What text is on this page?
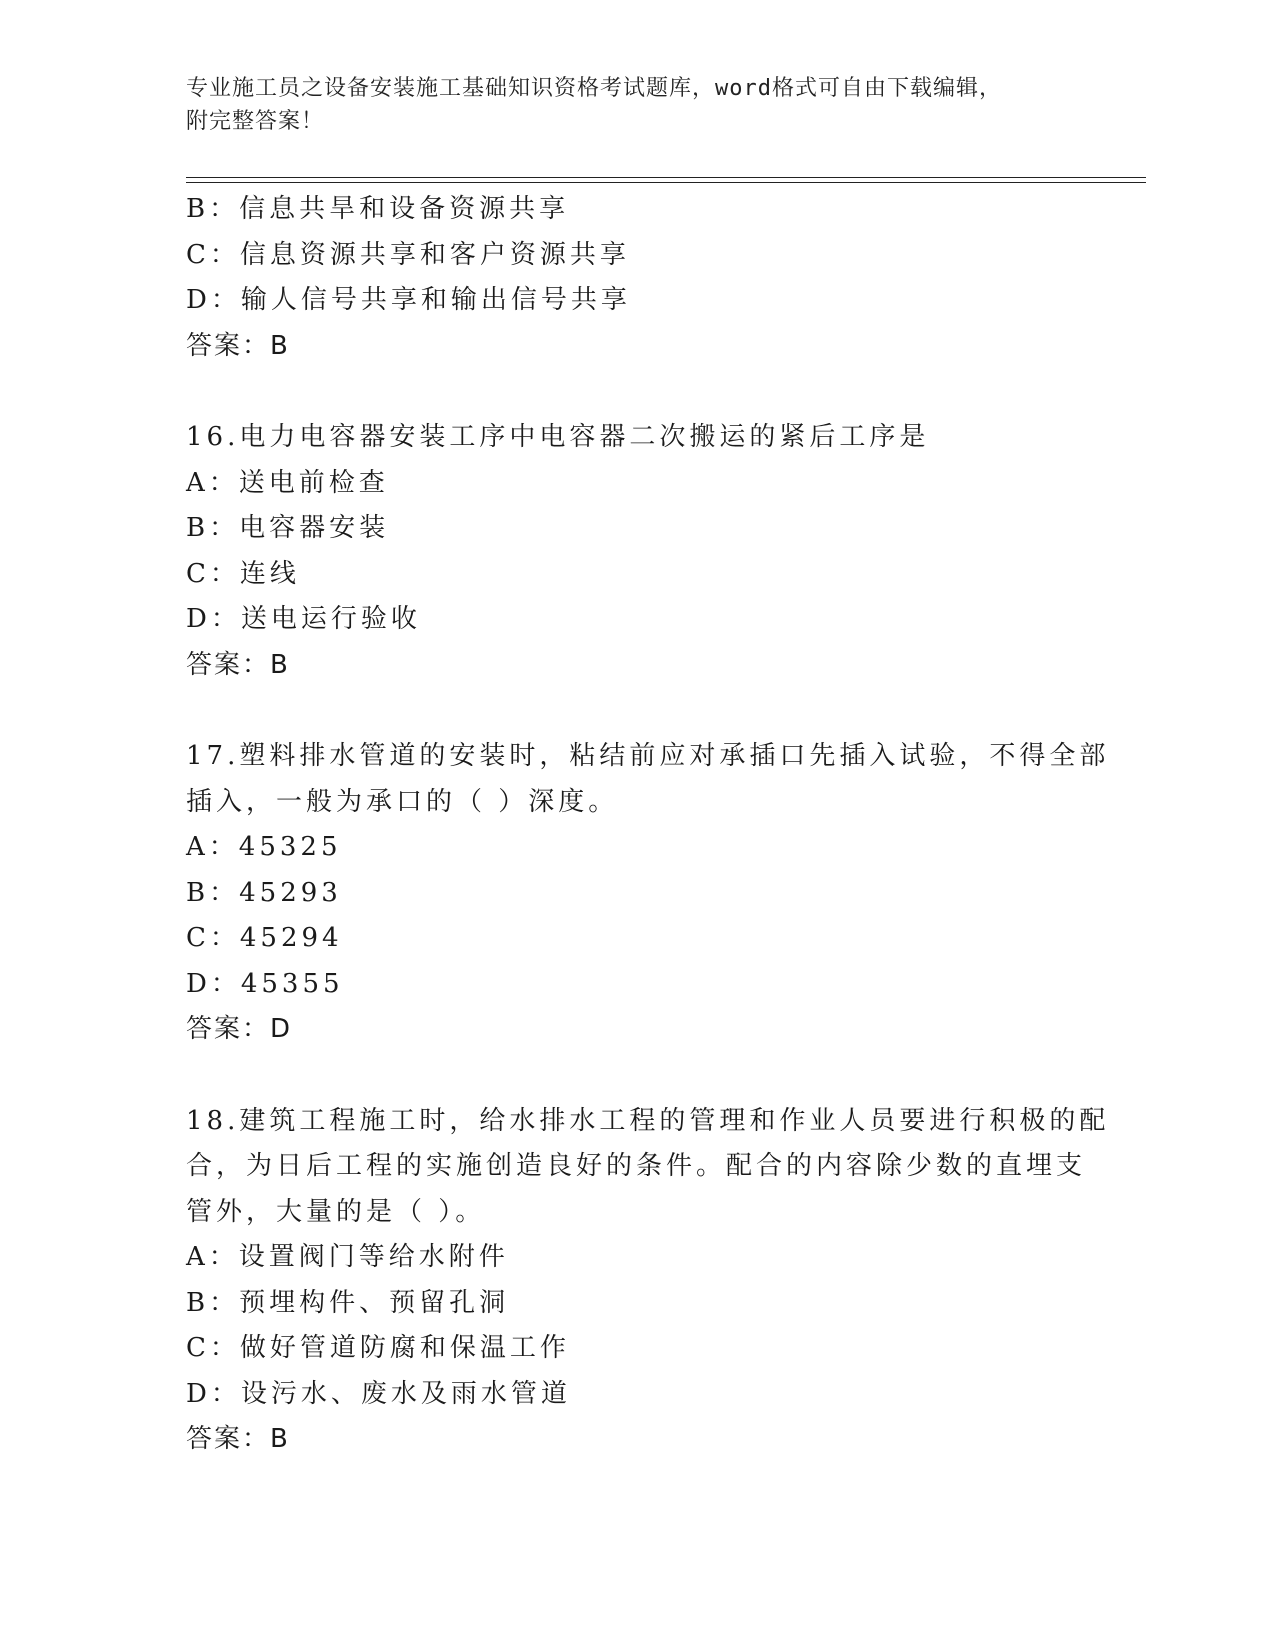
专业施工员之设备安装施工基础知识资格考试题库，word格式可自由下载编辑，
附完整答案！
B：信息共旱和设备资源共享
C：信息资源共享和客户资源共享
D：输人信号共享和输出信号共享
答案：B
16.电力电容器安装工序中电容器二次搬运的紧后工序是
A：送电前检查
B：电容器安装
C：连线
D：送电运行验收
答案：B
17.塑料排水管道的安装时，粘结前应对承插口先插入试验，不得全部
插入，一般为承口的（ ）深度。
A：45325
B：45293
C：45294
D：45355
答案：D
18.建筑工程施工时，给水排水工程的管理和作业人员要进行积极的配
合，为日后工程的实施创造良好的条件。配合的内容除少数的直埋支
管外，大量的是（ ）。
A：设置阀门等给水附件
B：预埋构件、预留孔洞
C：做好管道防腐和保温工作
D：设污水、废水及雨水管道
答案：B
